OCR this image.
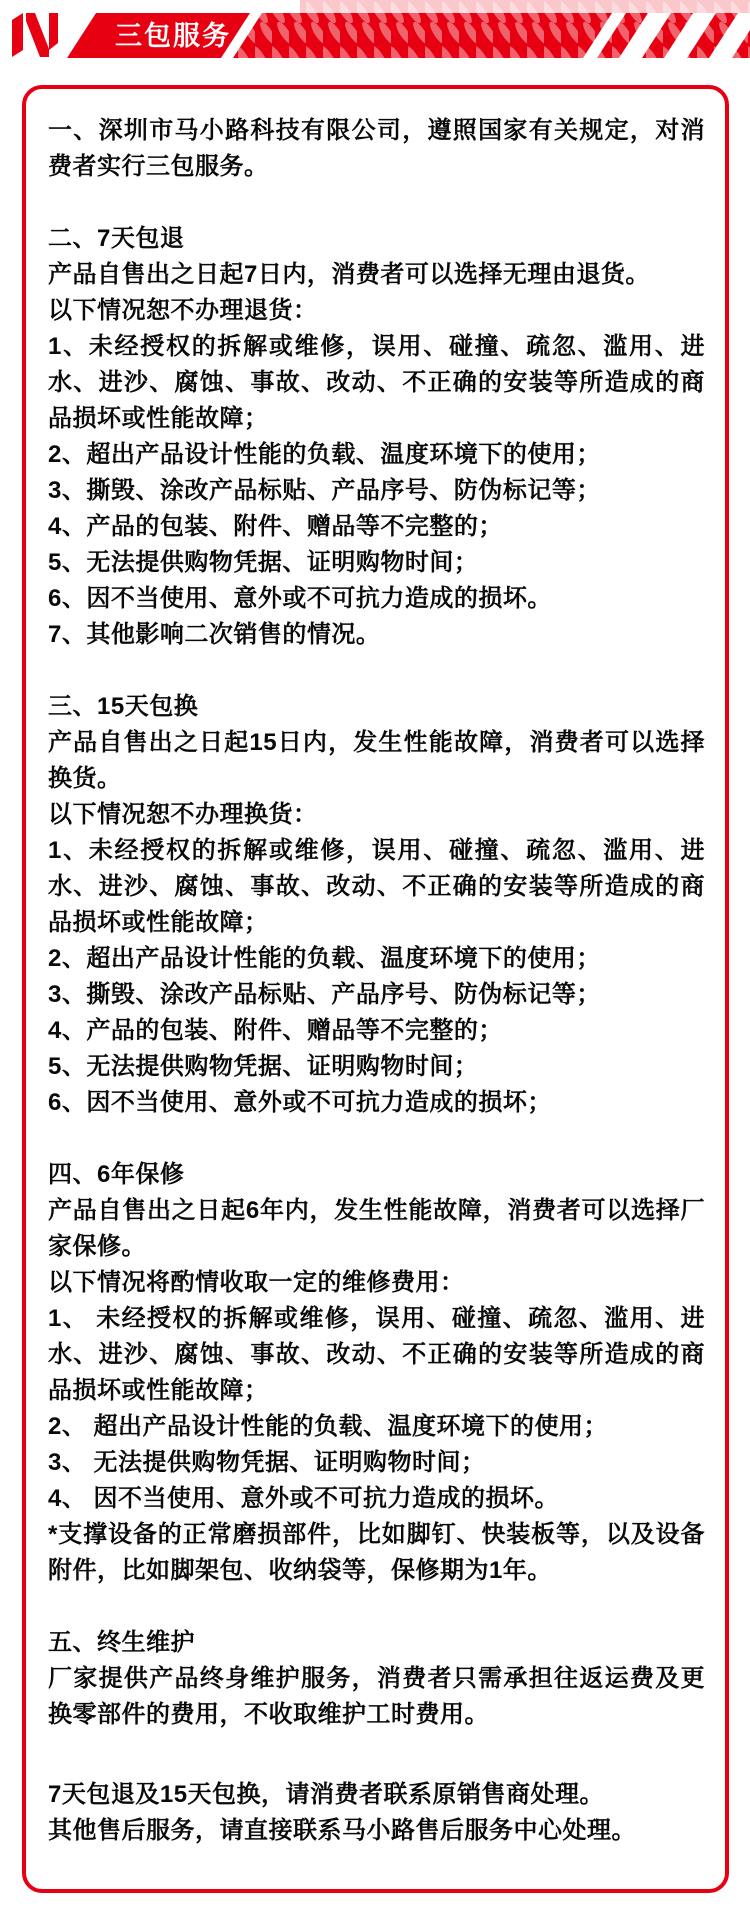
三包服务

一、深圳市马小路科技有限公司，遵照国家有关规定，对消费者实行三包服务。

二、7天包退

产品自售出之日起7日内，消费者可以选择无理由退货。

以下情况恕不办理退货：

1、未经授权的拆解或维修，误用、碰撞、疏忽、滥用、进水、进沙、腐蚀、事故、改动、不正确的安装等所造成的商品损坏或性能故障；

2、超出产品设计性能的负载、温度环境下的使用；

3、撕毁、涂改产品标贴、产品序号、防伪标记等；

4、产品的包装、附件、赠品等不完整的；

5、无法提供购物凭据、证明购物时间；

6、因不当使用、意外或不可抗力造成的损坏。

7、其他影响二次销售的情况。

三、15天包换

产品自售出之日起15日内，发生性能故障，消费者可以选择换货。

以下情况恕不办理换货：

1、未经授权的拆解或维修，误用、碰撞、疏忽、滥用、进水、进沙、腐蚀、事故、改动、不正确的安装等所造成的商品损坏或性能故障；

2、超出产品设计性能的负载、温度环境下的使用；

3、撕毁、涂改产品标贴、产品序号、防伪标记等；

4、产品的包装、附件、赠品等不完整的；

5、无法提供购物凭据、证明购物时间；

6、因不当使用、意外或不可抗力造成的损坏；

四、6年保修

产品自售出之日起6年内，发生性能故障，消费者可以选择厂家保修。

以下情况将酌情收取一定的维修费用：

1、 未经授权的拆解或维修，误用、碰撞、疏忽、滥用、进水、进沙、腐蚀、事故、改动、不正确的安装等所造成的商品损坏或性能故障；

2、 超出产品设计性能的负载、温度环境下的使用；

3、 无法提供购物凭据、证明购物时间；

4、 因不当使用、意外或不可抗力造成的损坏。

*支撑设备的正常磨损部件，比如脚钉、快装板等，以及设备附件，比如脚架包、收纳袋等，保修期为1年。

五、终生维护

厂家提供产品终身维护服务，消费者只需承担往返运费及更换零部件的费用，不收取维护工时费用。

7天包退及15天包换，请消费者联系原销售商处理。

其他售后服务，请直接联系马小路售后服务中心处理。
